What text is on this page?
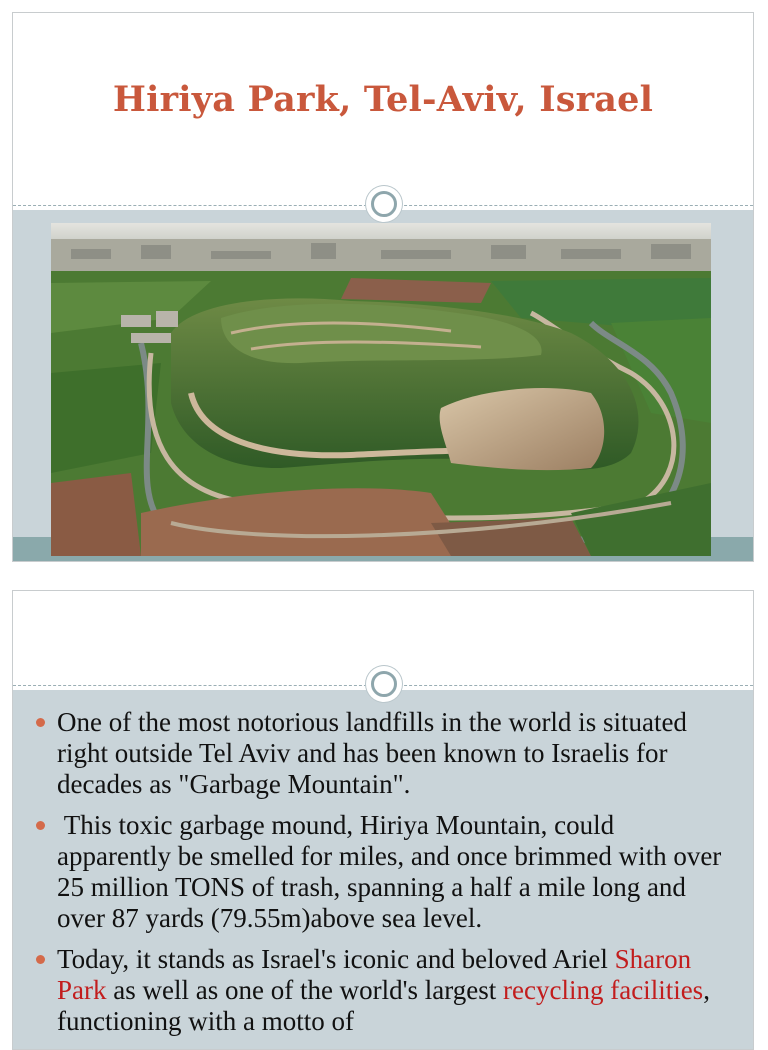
Hiriya Park, Tel-Aviv, Israel
One of the most notorious landfills in the world is situated right outside Tel Aviv and has been known to Israelis for decades as "Garbage Mountain".
This toxic garbage mound, Hiriya Mountain, could apparently be smelled for miles, and once brimmed with over 25 million TONS of trash, spanning a half a mile long and over 87 yards (79.55m)above sea level.
Today, it stands as Israel's iconic and beloved Ariel Sharon Park as well as one of the world's largest recycling facilities, functioning with a motto of
